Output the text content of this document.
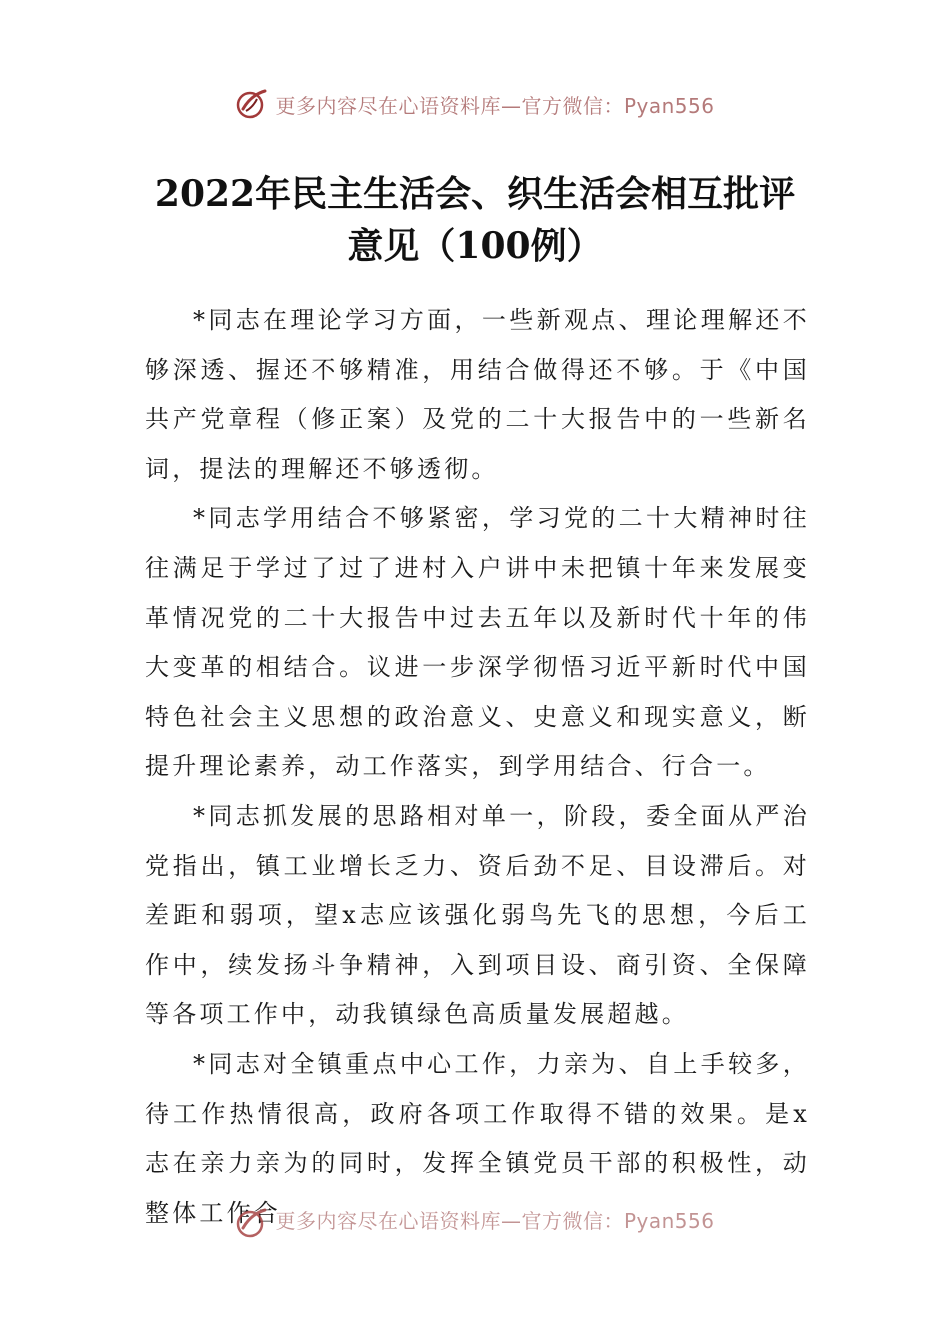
更多内容尽在心语资料库—官方微信：Pyan556
2022年民主生活会、织生活会相互批评意见（100例）

*同志在理论学习方面，一些新观点、理论理解还不够深透、握还不够精准，用结合做得还不够。于《中国共产党章程（修正案）及党的二十大报告中的一些新名词，提法的理解还不够透彻。

*同志学用结合不够紧密，学习党的二十大精神时往往满足于学过了过了进村入户讲中未把镇十年来发展变革情况党的二十大报告中过去五年以及新时代十年的伟大变革的相结合。议进一步深学彻悟习近平新时代中国特色社会主义思想的政治意义、史意义和现实意义，断提升理论素养，动工作落实，到学用结合、行合一。

*同志抓发展的思路相对单一，阶段，委全面从严治党指出，镇工业增长乏力、资后劲不足、目设滞后。对差距和弱项，望x志应该强化弱鸟先飞的思想，今后工作中，续发扬斗争精神，入到项目设、商引资、全保障等各项工作中，动我镇绿色高质量发展超越。

*同志对全镇重点中心工作，力亲为、自上手较多，待工作热情很高，政府各项工作取得不错的效果。是x志在亲力亲为的同时，发挥全镇党员干部的积极性，动整体工作合

更多内容尽在心语资料库—官方微信：Pyan556
